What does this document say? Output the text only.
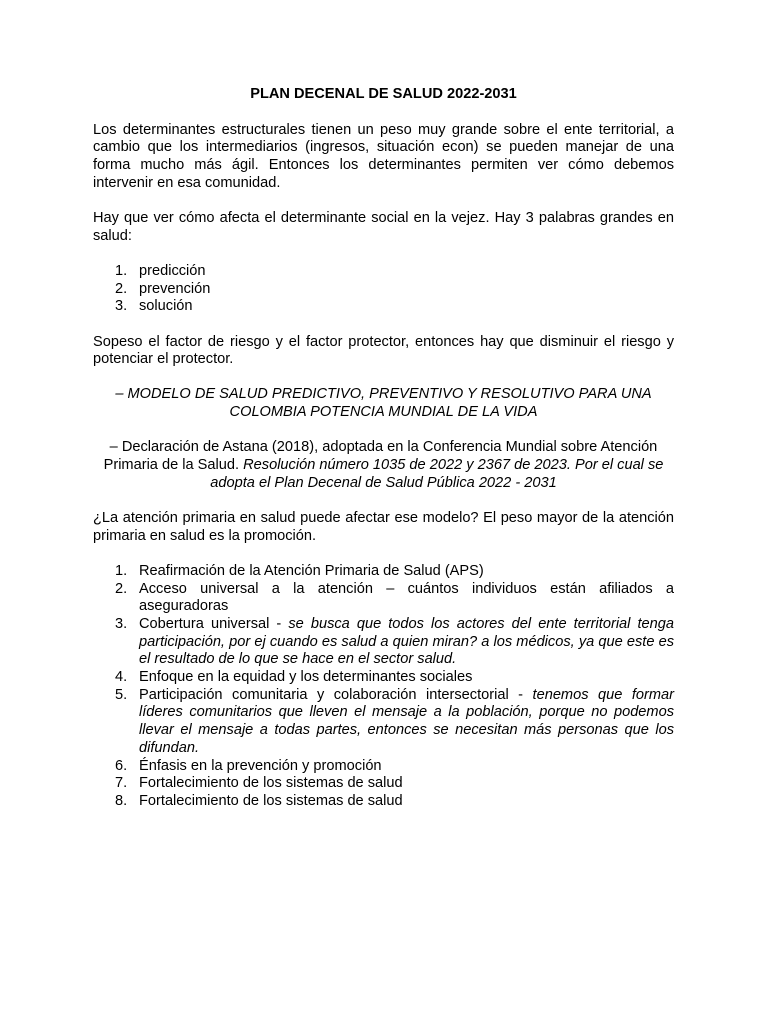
PLAN DECENAL DE SALUD 2022-2031

Los determinantes estructurales tienen un peso muy grande sobre el ente territorial, a cambio que los intermediarios (ingresos, situación econ) se pueden manejar de una forma mucho más ágil. Entonces los determinantes permiten ver cómo debemos intervenir en esa comunidad.

Hay que ver cómo afecta el determinante social en la vejez. Hay 3 palabras grandes en salud:

1. predicción
2. prevención
3. solución

Sopeso el factor de riesgo y el factor protector, entonces hay que disminuir el riesgo y potenciar el protector.

– MODELO DE SALUD PREDICTIVO, PREVENTIVO Y RESOLUTIVO PARA UNA COLOMBIA POTENCIA MUNDIAL DE LA VIDA

– Declaración de Astana (2018), adoptada en la Conferencia Mundial sobre Atención Primaria de la Salud. Resolución número 1035 de 2022 y 2367 de 2023. Por el cual se adopta el Plan Decenal de Salud Pública 2022 - 2031

¿La atención primaria en salud puede afectar ese modelo? El peso mayor de la atención primaria en salud es la promoción.

1. Reafirmación de la Atención Primaria de Salud (APS)
2. Acceso universal a la atención – cuántos individuos están afiliados a aseguradoras
3. Cobertura universal - se busca que todos los actores del ente territorial tenga participación, por ej cuando es salud a quien miran? a los médicos, ya que este es el resultado de lo que se hace en el sector salud.
4. Enfoque en la equidad y los determinantes sociales
5. Participación comunitaria y colaboración intersectorial - tenemos que formar líderes comunitarios que lleven el mensaje a la población, porque no podemos llevar el mensaje a todas partes, entonces se necesitan más personas que los difundan.
6. Énfasis en la prevención y promoción
7. Fortalecimiento de los sistemas de salud
8. Fortalecimiento de los sistemas de salud
